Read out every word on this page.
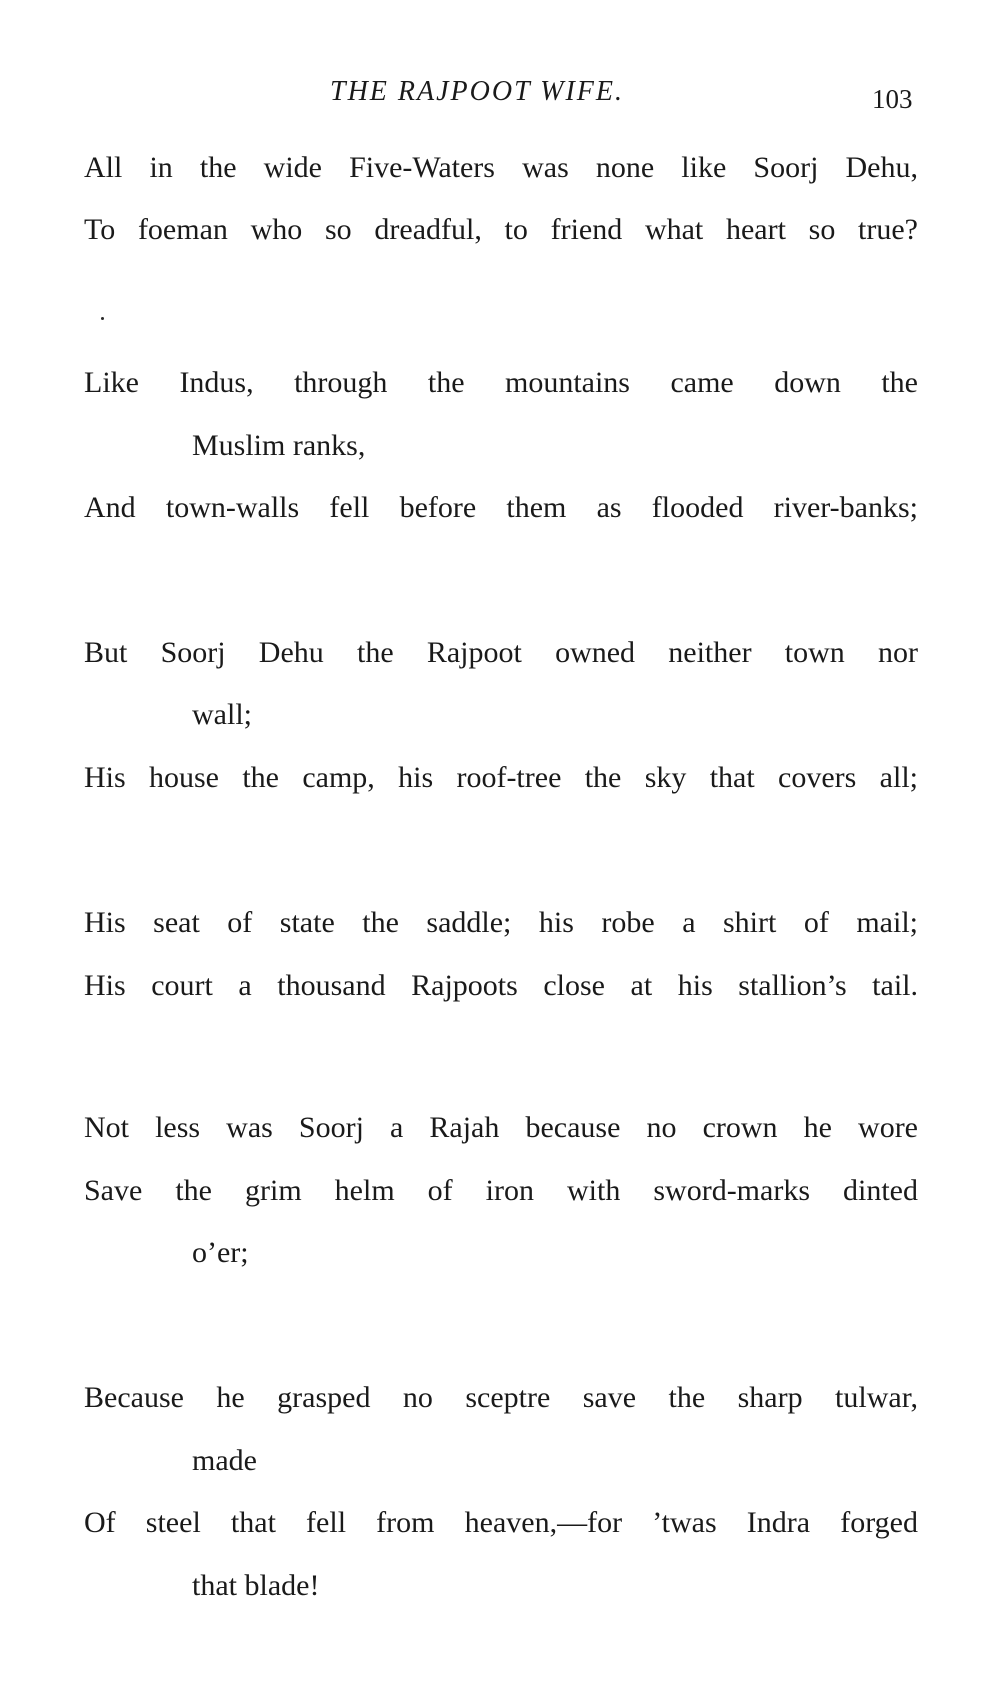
THE RAJPOOT WIFE.	103
All in the wide Five-Waters was none like Soorj Dehu,
To foeman who so dreadful, to friend what heart so true?
Like Indus, through the mountains came down the
Muslim ranks,
And town-walls fell before them as flooded river-banks;
But Soorj Dehu the Rajpoot owned neither town nor
wall;
His house the camp, his roof-tree the sky that covers all;
His seat of state the saddle; his robe a shirt of mail;
His court a thousand Rajpoots close at his stallion’s tail.
Not less was Soorj a Rajah because no crown he wore
Save the grim helm of iron with sword-marks dinted
o’er;
Because he grasped no sceptre save the sharp tulwar,
made
Of steel that fell from heaven,—for ’twas Indra forged
that blade!
